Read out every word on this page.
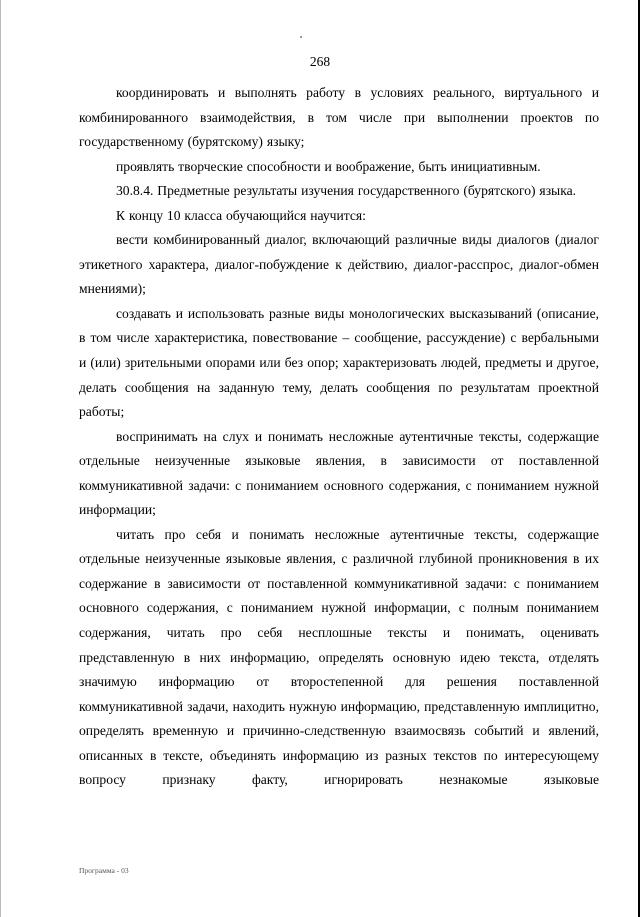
268

координировать и выполнять работу в условиях реального, виртуального и комбинированного взаимодействия, в том числе при выполнении проектов по государственному (бурятскому) языку;

проявлять творческие способности и воображение, быть инициативным.

30.8.4. Предметные результаты изучения государственного (бурятского) языка.

К концу 10 класса обучающийся научится:

вести комбинированный диалог, включающий различные виды диалогов (диалог этикетного характера, диалог-побуждение к действию, диалог-расспрос, диалог-обмен мнениями);

создавать и использовать разные виды монологических высказываний (описание, в том числе характеристика, повествование – сообщение, рассуждение) с вербальными и (или) зрительными опорами или без опор; характеризовать людей, предметы и другое, делать сообщения на заданную тему, делать сообщения по результатам проектной работы;

воспринимать на слух и понимать несложные аутентичные тексты, содержащие отдельные неизученные языковые явления, в зависимости от поставленной коммуникативной задачи: с пониманием основного содержания, с пониманием нужной информации;

читать про себя и понимать несложные аутентичные тексты, содержащие отдельные неизученные языковые явления, с различной глубиной проникновения в их содержание в зависимости от поставленной коммуникативной задачи: с пониманием основного содержания, с пониманием нужной информации, с полным пониманием содержания, читать про себя несплошные тексты и понимать, оценивать представленную в них информацию, определять основную идею текста, отделять значимую информацию от второстепенной для решения поставленной коммуникативной задачи, находить нужную информацию, представленную имплицитно, определять временную и причинно-следственную взаимосвязь событий и явлений, описанных в тексте, объединять информацию из разных текстов по интересующему вопросу признаку факту, игнорировать незнакомые языковые

Программа - 03
